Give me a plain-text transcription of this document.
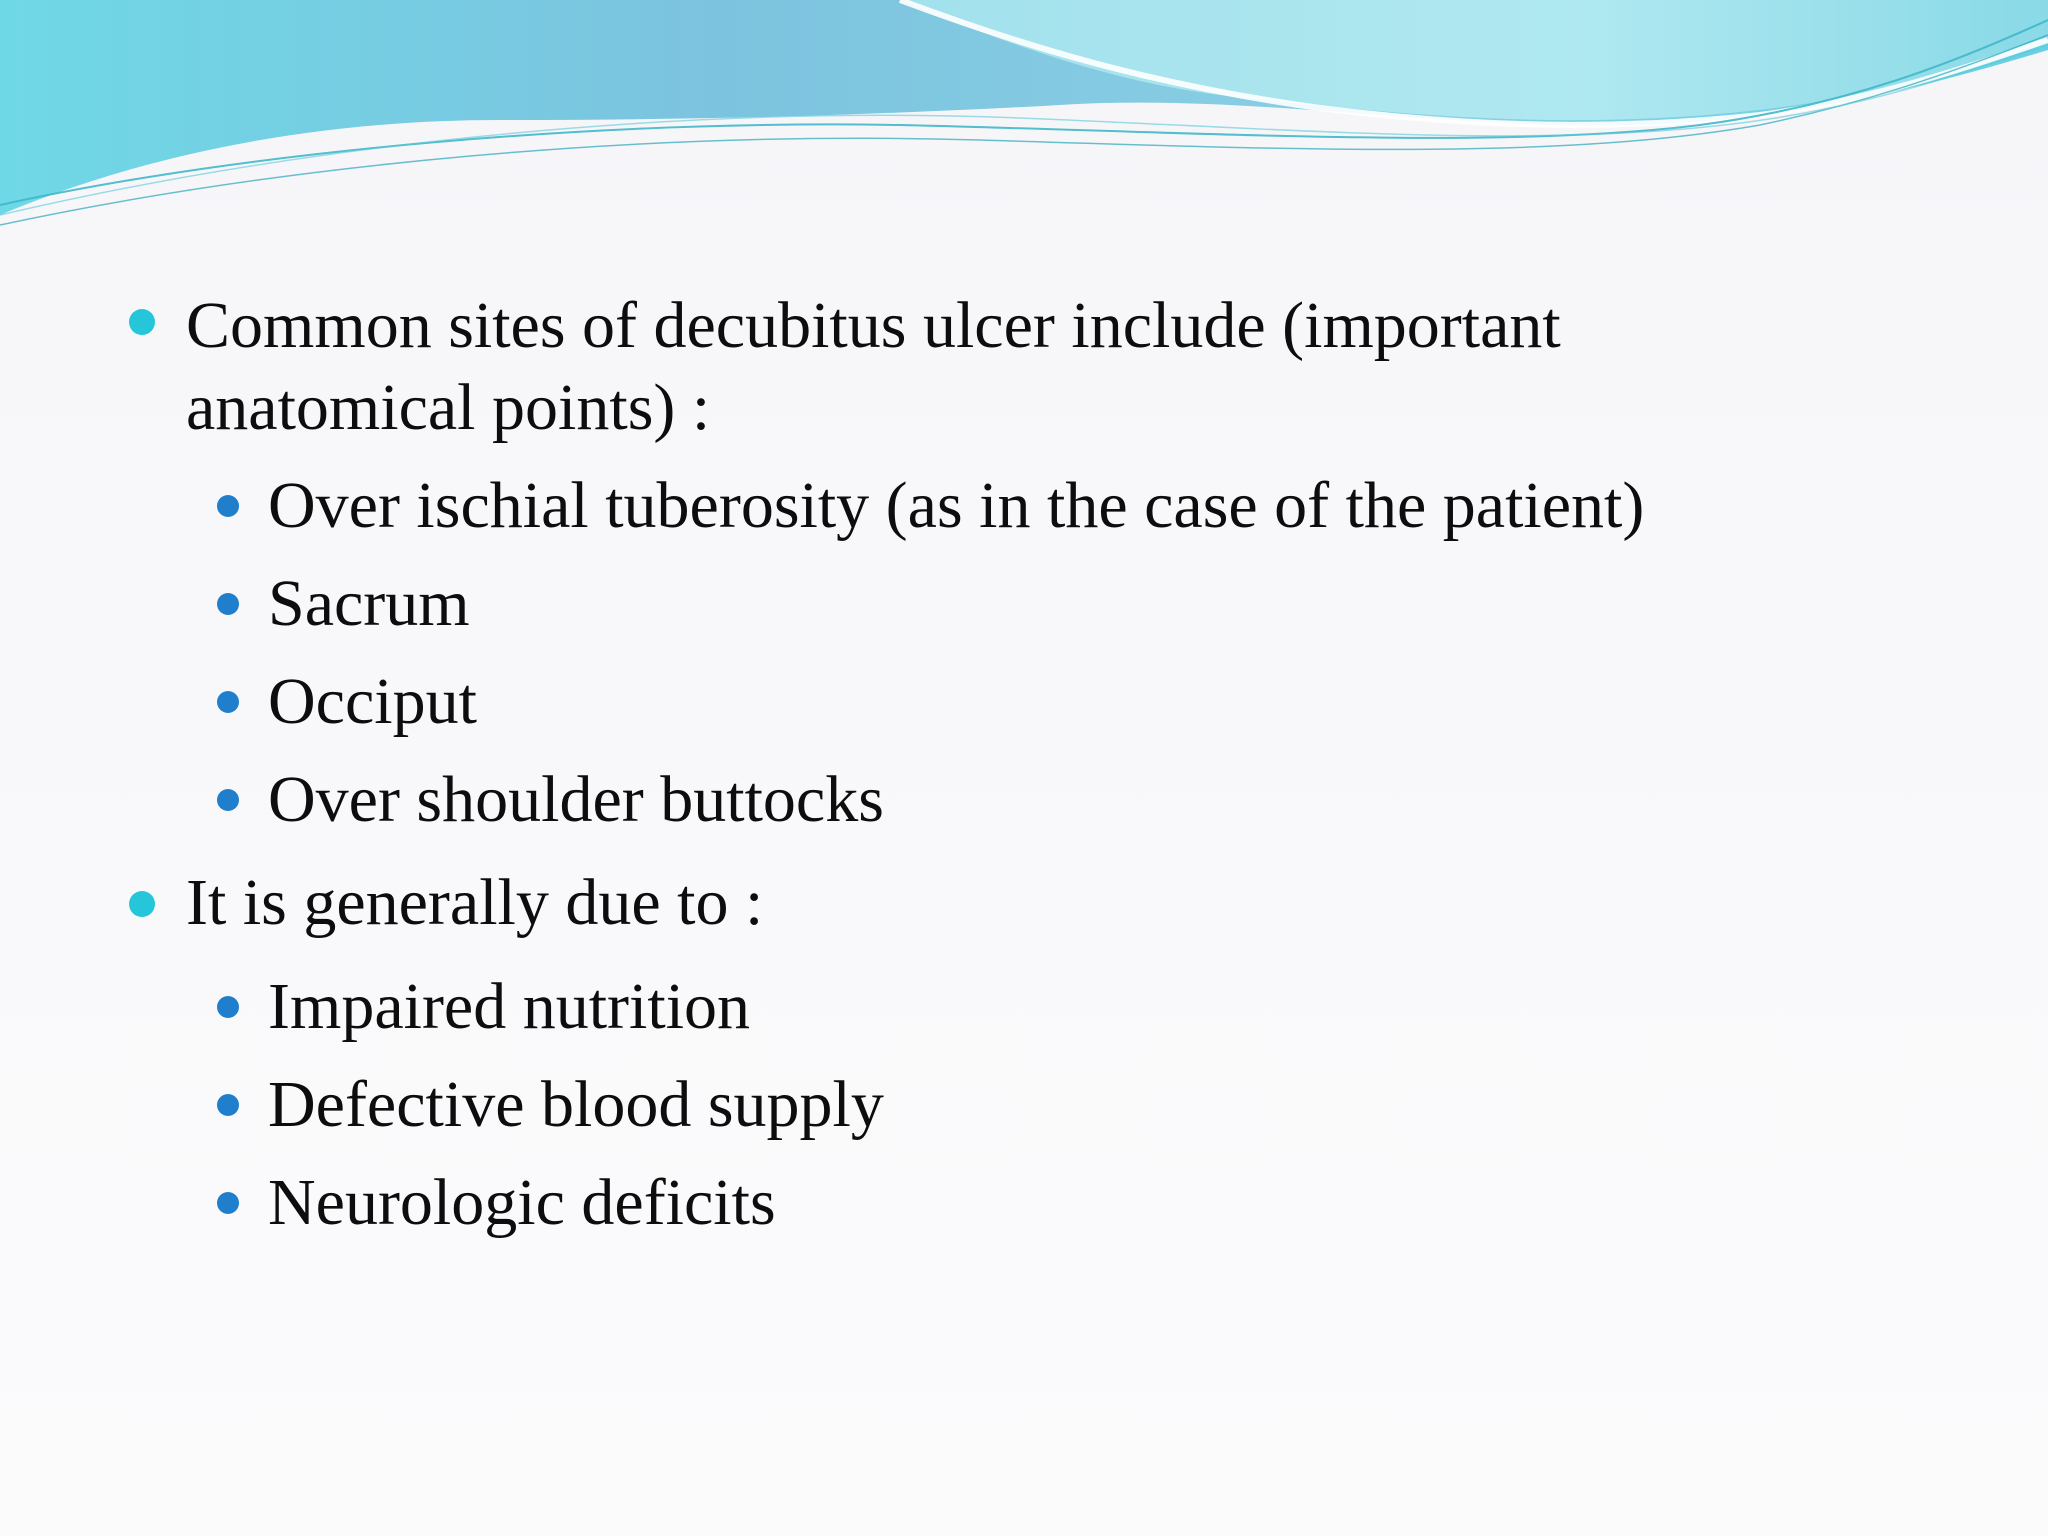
Common sites of decubitus ulcer include (important anatomical points) :
Over ischial tuberosity (as in the case of the patient)
Sacrum
Occiput
Over shoulder buttocks
It is generally due to :
Impaired nutrition
Defective blood supply
Neurologic deficits
